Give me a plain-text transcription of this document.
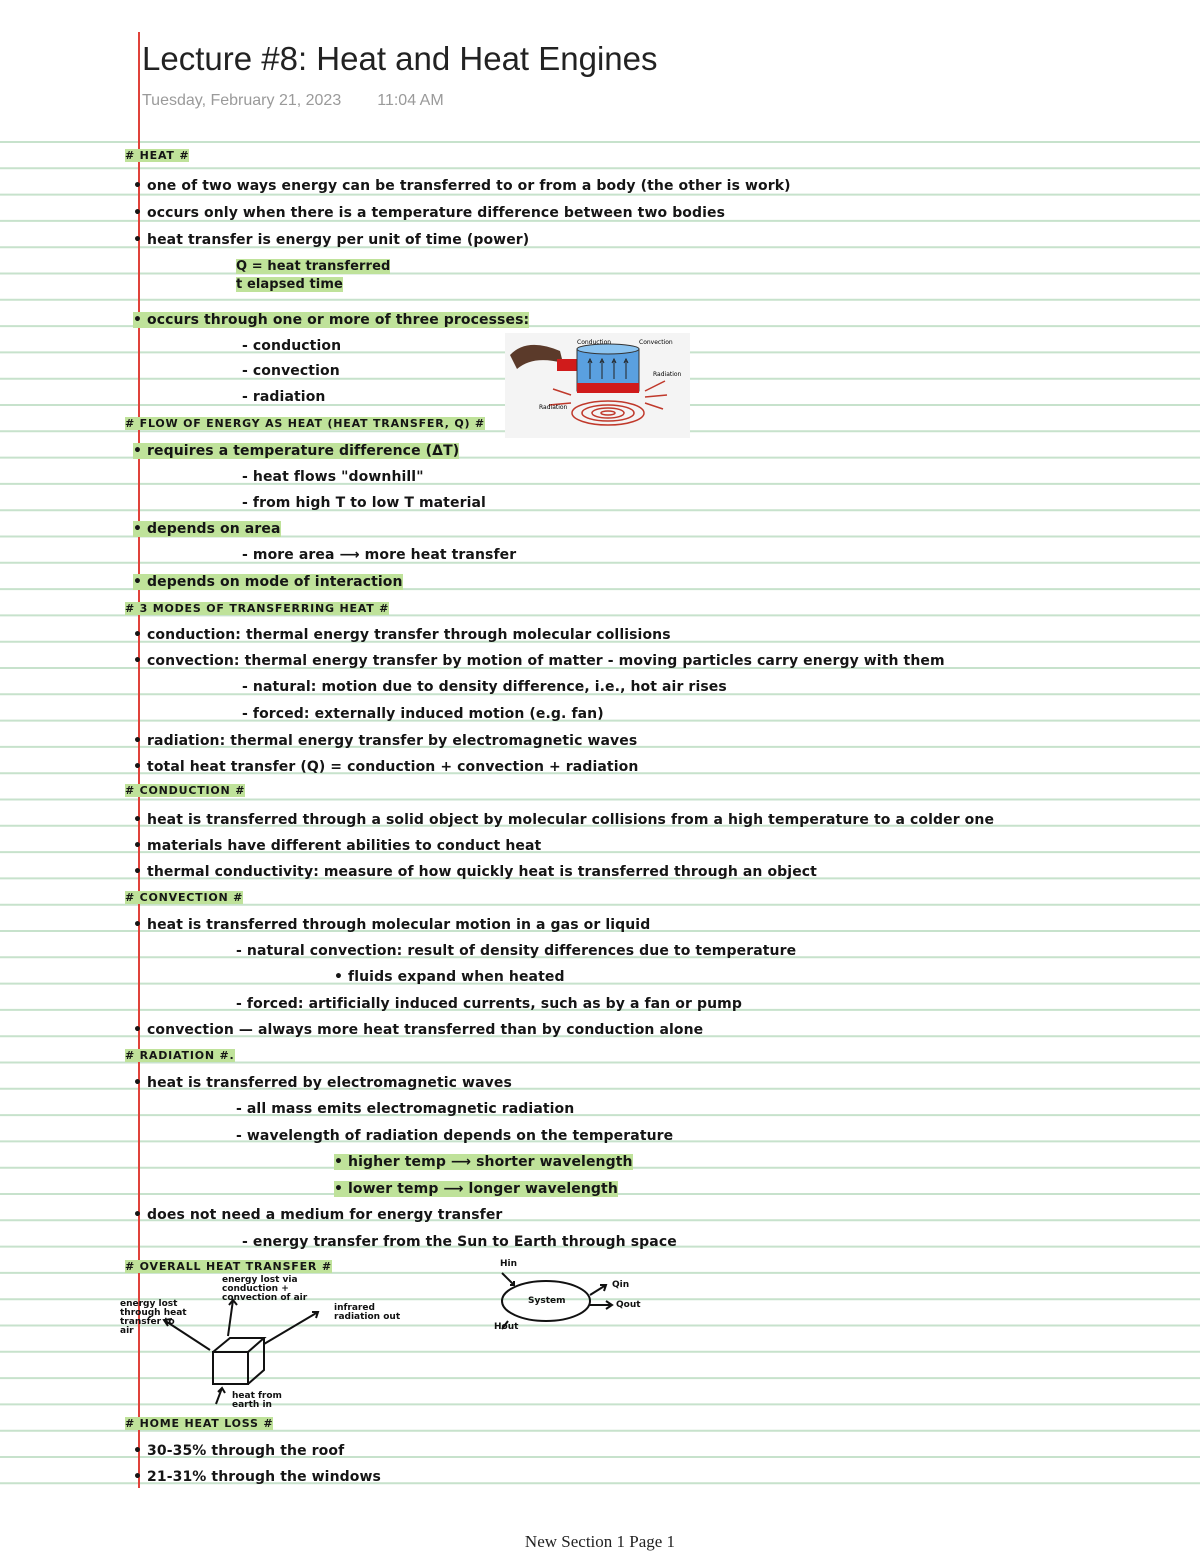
Lecture #8: Heat and Heat Engines
Tuesday, February 21, 2023 11:04 AM
# HEAT #
• one of two ways energy can be transferred to or from a body (the other is work)
• occurs only when there is a temperature difference between two bodies
• heat transfer is energy per unit of time (power)
Q = heat transferred
t elapsed time
• occurs through one or more of three processes:
- conduction
- convection
- radiation
Conduction	Convection
Radiation
Radiation
# FLOW OF ENERGY AS HEAT (HEAT TRANSFER, Q) #
• requires a temperature difference (ΔT)
- heat flows "downhill"
- from high T to low T material
• depends on area
- more area ⟶ more heat transfer
• depends on mode of interaction
# 3 MODES OF TRANSFERRING HEAT #
• conduction: thermal energy transfer through molecular collisions
• convection: thermal energy transfer by motion of matter - moving particles carry energy with them
- natural: motion due to density difference, i.e., hot air rises
- forced: externally induced motion (e.g. fan)
• radiation: thermal energy transfer by electromagnetic waves
• total heat transfer (Q) = conduction + convection + radiation
# CONDUCTION #
• heat is transferred through a solid object by molecular collisions from a high temperature to a colder one
• materials have different abilities to conduct heat
• thermal conductivity: measure of how quickly heat is transferred through an object
# CONVECTION #
• heat is transferred through molecular motion in a gas or liquid
- natural convection: result of density differences due to temperature
• fluids expand when heated
- forced: artificially induced currents, such as by a fan or pump
• convection — always more heat transferred than by conduction alone
# RADIATION #.
• heat is transferred by electromagnetic waves
- all mass emits electromagnetic radiation
- wavelength of radiation depends on the temperature
• higher temp ⟶ shorter wavelength
• lower temp ⟶ longer wavelength
• does not need a medium for energy transfer
- energy transfer from the Sun to Earth through space
# OVERALL HEAT TRANSFER #
energy lost through heat transfer to air
energy lost via conduction + convection of air
infrared radiation out
heat from earth in
System
Hin
Hout
Qin
Qout
# HOME HEAT LOSS #
• 30-35% through the roof
• 21-31% through the windows
New Section 1 Page 1
